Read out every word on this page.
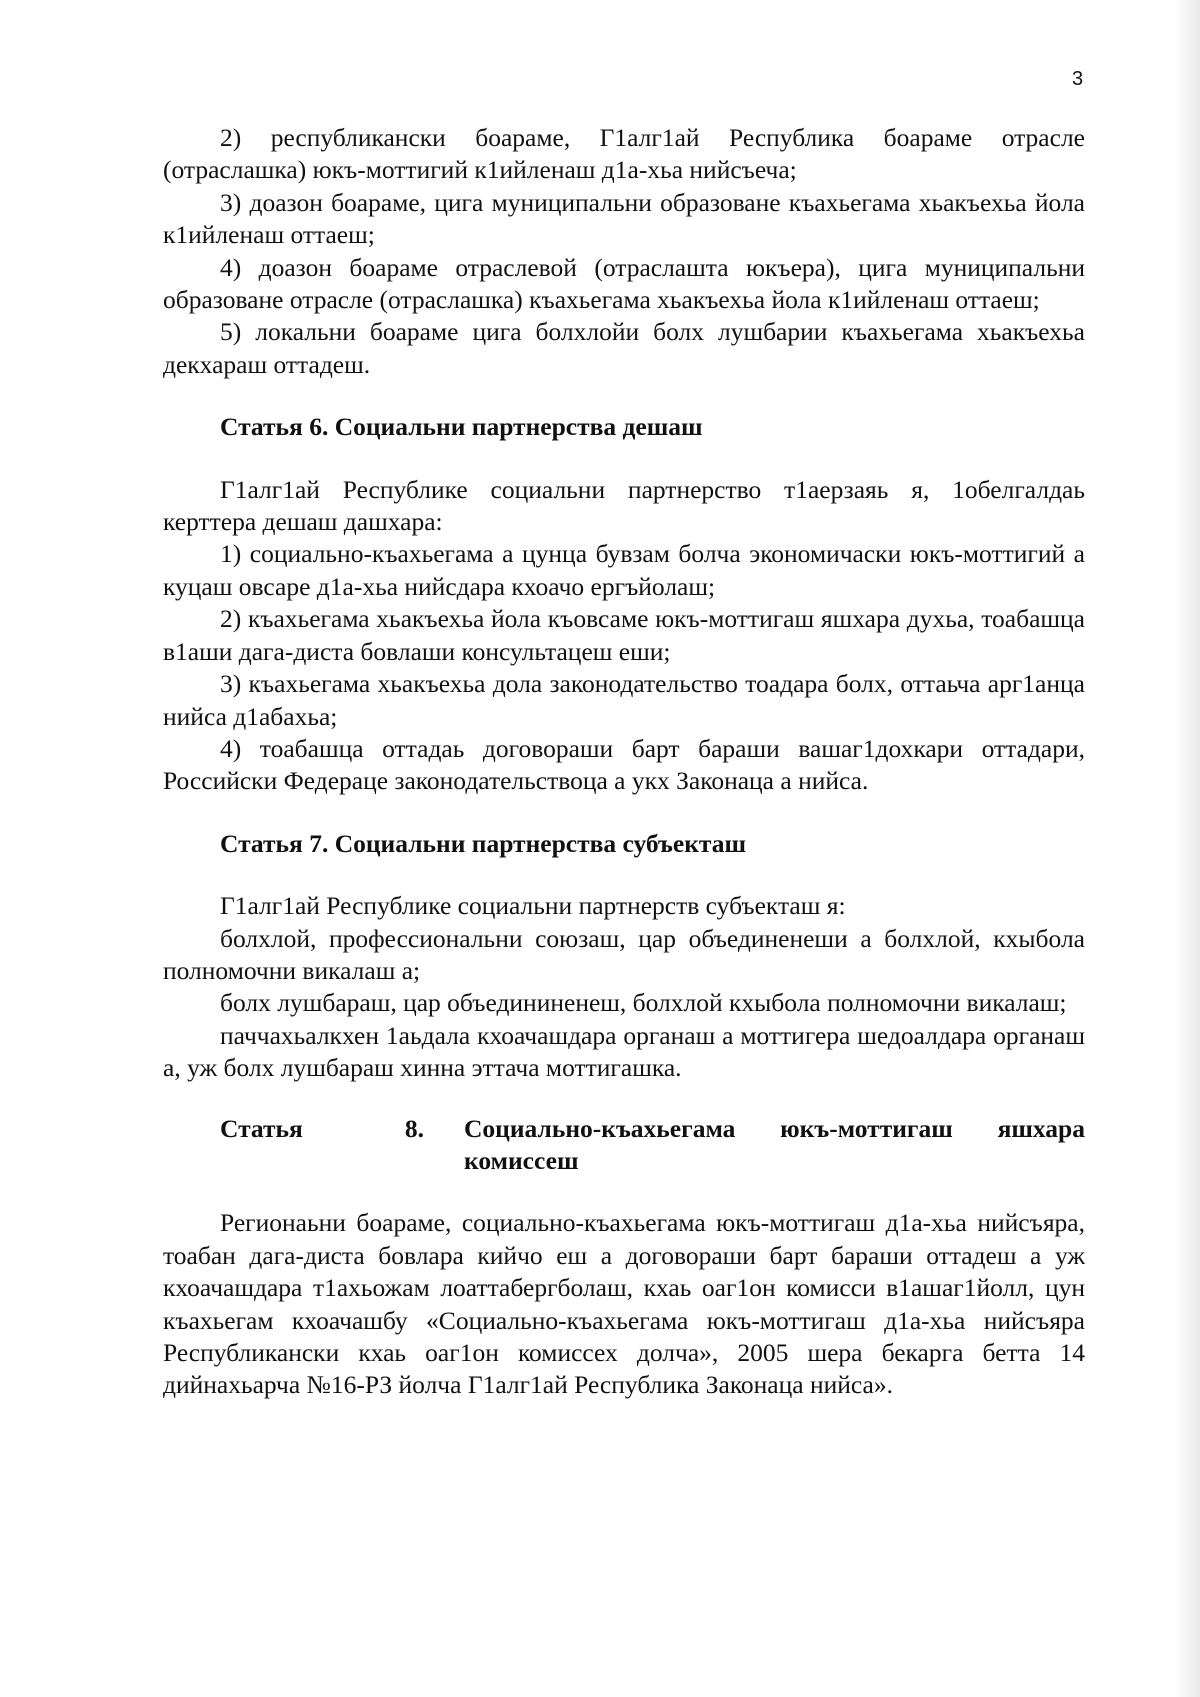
3

2) республикански боараме, Г1алг1ай Республика боараме отрасле (отраслашка) юкъ-моттигий к1ийленаш д1а-хьа нийсъеча;

3) доазон боараме, цига муниципальни образоване къахьегама хьакъехьа йола к1ийленаш оттаеш;

4) доазон боараме отраслевой (отраслашта юкъера), цига муниципальни образоване отрасле (отраслашка) къахьегама хьакъехьа йола к1ийленаш оттаеш;

5) локальни боараме цига болхлойи болх лушбарии къахьегама хьакъехьа декхараш оттадеш.

Статья 6. Социальни партнерства дешаш

Г1алг1ай Республике социальни партнерство т1аерзаяь я, 1обелгалдаь керттера дешаш дашхара:

1) социально-къахьегама а цунца бувзам болча экономичаски юкъ-моттигий а куцаш овсаре д1а-хьа нийсдара кхоачо ергъйолаш;

2) къахьегама хьакъехьа йола къовсаме юкъ-моттигаш яшхара духьа, тоабашца в1аши дага-диста бовлаши консультацеш еши;

3) къахьегама хьакъехьа дола законодательство тоадара болх, оттаьча арг1анца нийса д1абахьа;

4) тоабашца оттадаь договораши барт бараши вашаг1дохкари оттадари, Российски Федераце законодательствоца а укх Законаца а нийса.

Статья 7. Социальни партнерства субъекташ

Г1алг1ай Республике социальни партнерств субъекташ я:

болхлой, профессиональни союзаш, цар объединенеши а болхлой, кхыбола полномочни викалаш а;

болх лушбараш, цар объедининенеш, болхлой кхыбола полномочни викалаш;

паччахьалкхен 1аьдала кхоачашдара органаш а моттигера шедоалдара органаш а, уж болх лушбараш хинна эттача моттигашка.

Статья	8. Социально-къахьегама юкъ-моттигаш яшхара
комиссеш

Регионаьни боараме, социально-къахьегама юкъ-моттигаш д1а-хьа нийсъяра, тоабан дага-диста бовлара кийчо еш а договораши барт бараши оттадеш а уж кхоачашдара т1ахьожам лоаттабергболаш, кхаь оаг1он комисси в1ашаг1йолл, цун къахьегам кхоачашбу «Социально-къахьегама юкъ-моттигаш д1а-хьа нийсъяра Республикански кхаь оаг1он комиссех долча», 2005 шера бекарга бетта 14 дийнахьарча №16-РЗ йолча Г1алг1ай Республика Законаца нийса».
